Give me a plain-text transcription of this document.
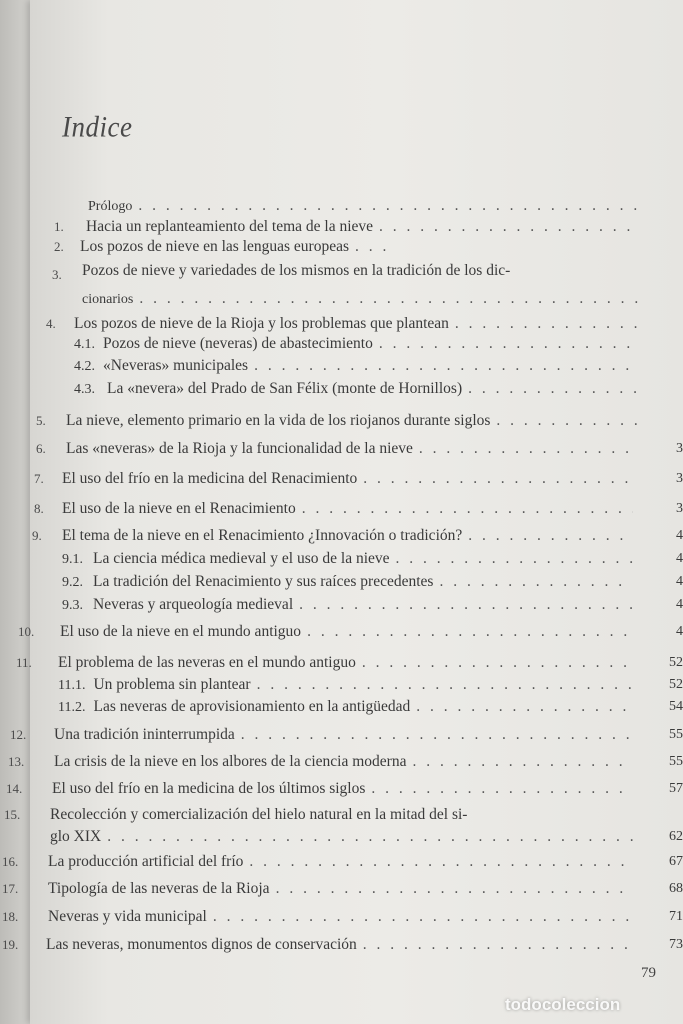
Indice
Prólogo
. . .
1. Hacia un replanteamiento del tema de la nieve
. . .
2. Los pozos de nieve en las lenguas europeas
. . .
3. Pozos de nieve y variedades de los mismos en la tradición de los dic-
cionarios
. . .
4. Los pozos de nieve de la Rioja y los problemas que plantean
. . .
4.1. Pozos de nieve (neveras) de abastecimiento
. . .
4.2. «Neveras» municipales
. . .
4.3. La «nevera» del Prado de San Félix (monte de Hornillos)
. . .
5. La nieve, elemento primario en la vida de los riojanos durante siglos
. . .
6. Las «neveras» de la Rioja y la funcionalidad de la nieve . . .	3
7. El uso del frío en la medicina del Renacimiento . . .	3
8. El uso de la nieve en el Renacimiento . . .	3
9. El tema de la nieve en el Renacimiento ¿Innovación o tradición? . . .	4
9.1. La ciencia médica medieval y el uso de la nieve . . .	4
9.2. La tradición del Renacimiento y sus raíces precedentes . . .	4
9.3. Neveras y arqueología medieval . . .	4
10. El uso de la nieve en el mundo antiguo . . .	4
11. El problema de las neveras en el mundo antiguo . . .	52
11.1. Un problema sin plantear . . .	52
11.2. Las neveras de aprovisionamiento en la antigüedad . . .	54
12. Una tradición ininterrumpida . . .	55
13. La crisis de la nieve en los albores de la ciencia moderna . . .	55
14. El uso del frío en la medicina de los últimos siglos . . .	57
15. Recolección y comercialización del hielo natural en la mitad del si-
glo XIX . . .	62
16. La producción artificial del frío . . .	67
17. Tipología de las neveras de la Rioja . . .	68
18. Neveras y vida municipal . . .	71
19. Las neveras, monumentos dignos de conservación . . .	73
79
todocoleccion
